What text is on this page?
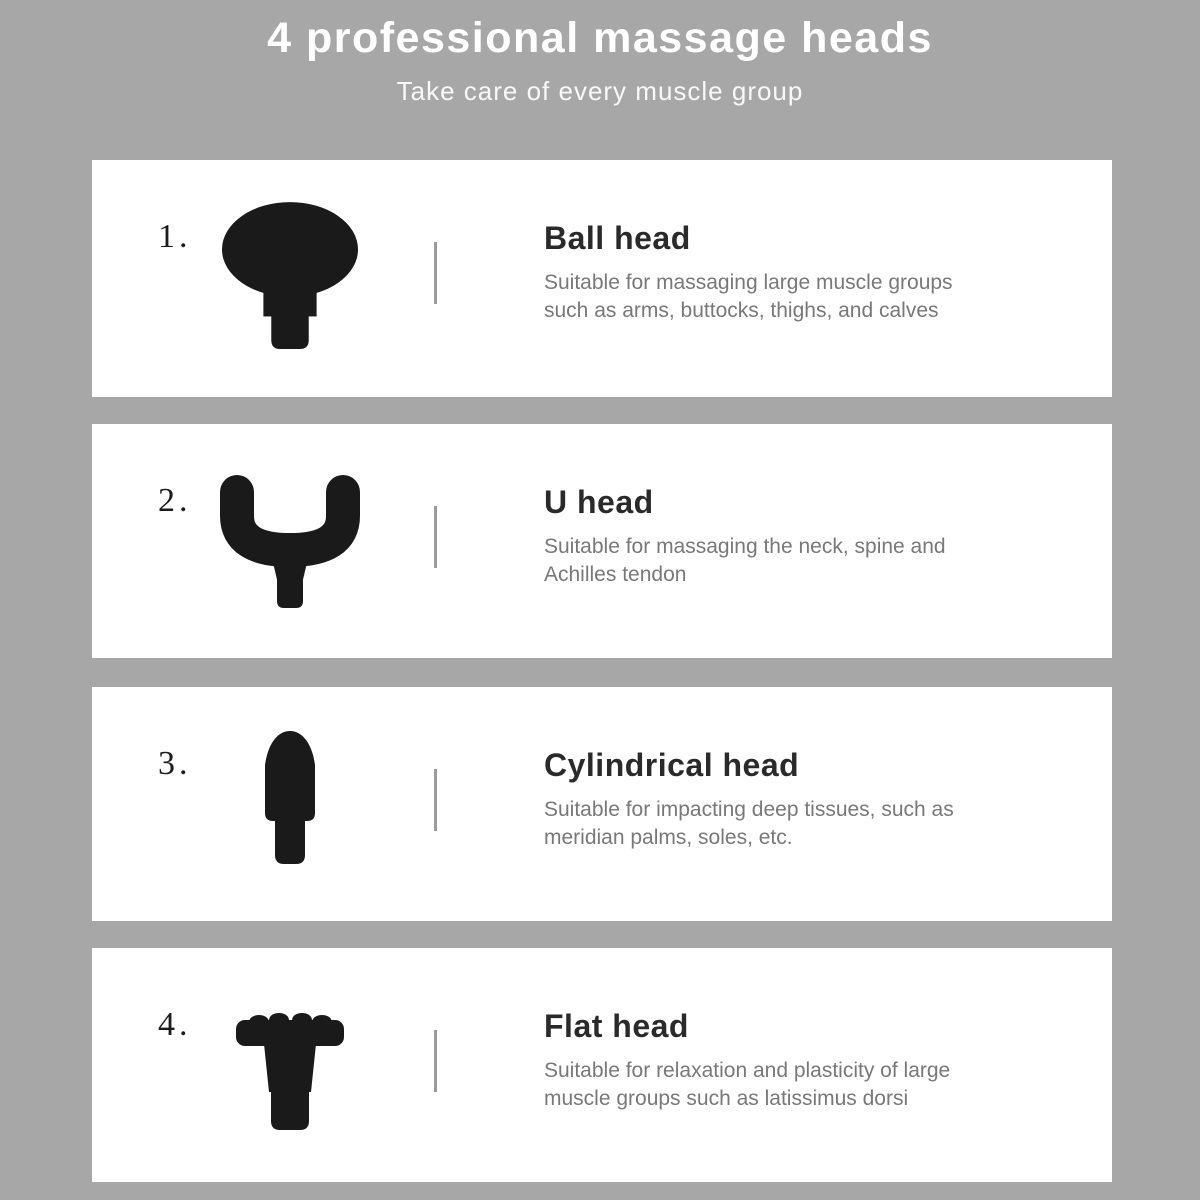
4 professional massage heads

Take care of every muscle group

1.	Ball head

Suitable for massaging large muscle groups
such as arms, buttocks, thighs, and calves

2.	U head

Suitable for massaging the neck, spine and
Achilles tendon

3.	Cylindrical head

Suitable for impacting deep tissues, such as
meridian palms, soles, etc.

4.	Flat head

Suitable for relaxation and plasticity of large
muscle groups such as latissimus dorsi
